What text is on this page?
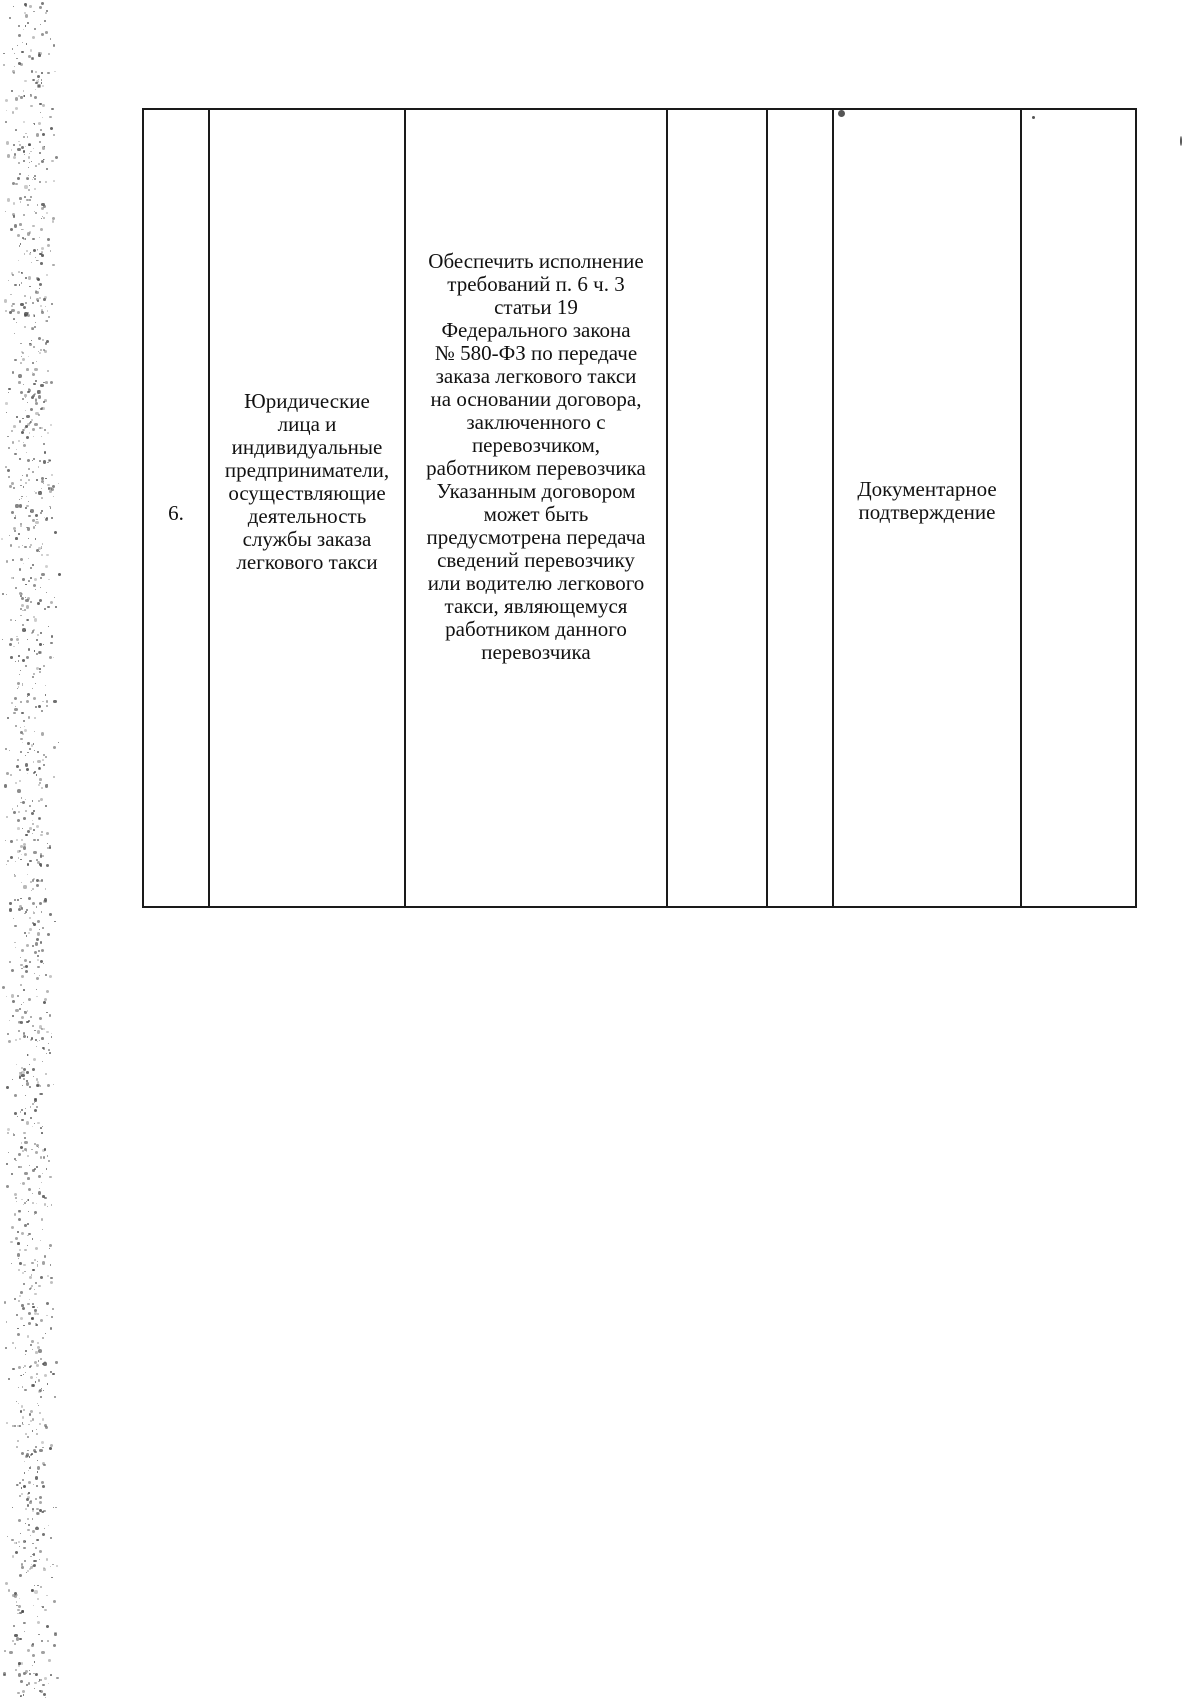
6.	Юридические
лица и
индивидуальные
предприниматели,
осуществляющие
деятельность
службы заказа
легкового такси	Обеспечить исполнение
требований п. 6 ч. 3
статьи 19
Федерального закона
№ 580-ФЗ по передаче
заказа легкового такси
на основании договора,
заключенного с
перевозчиком,
работником перевозчика
Указанным договором
может быть
предусмотрена передача
сведений перевозчику
или водителю легкового
такси, являющемуся
работником данного
перевозчика			Документарное
подтверждение	
